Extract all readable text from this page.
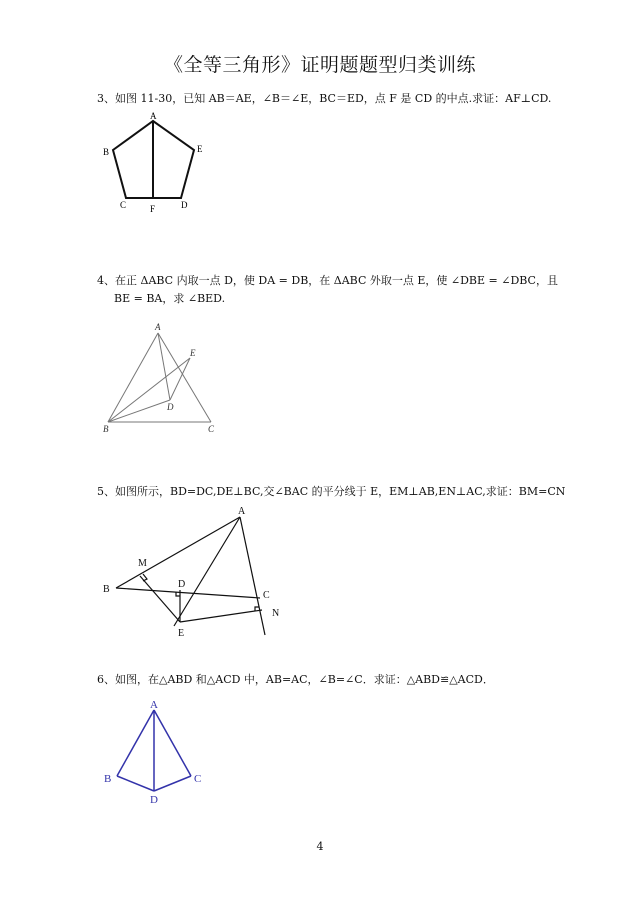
《全等三角形》证明题题型归类训练
3、如图 11-30，已知 AB＝AE，∠B＝∠E，BC＝ED，点 F 是 CD 的中点.求证：AF⊥CD.
A
B	E
C	F	D
4、在正 ΔABC 内取一点 D，使 DA = DB，在 ΔABC 外取一点 E，使 ∠DBE = ∠DBC，且
BE = BA，求 ∠BED.
A
E
D
B	C
5、如图所示，BD=DC,DE⊥BC,交∠BAC 的平分线于 E，EM⊥AB,EN⊥AC,求证：BM=CN
A
M
D
B
C
N
E
6、如图，在△ABD 和△ACD 中，AB=AC，∠B=∠C．求证：△ABD≌△ACD．
A
B	C
D
4
